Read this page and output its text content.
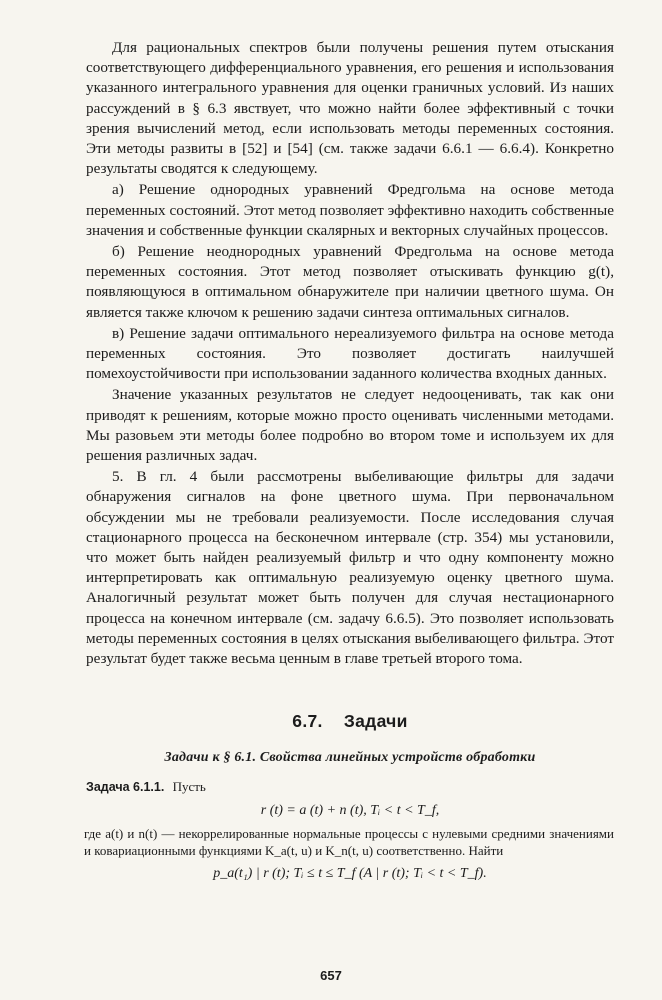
Для рациональных спектров были получены решения путем отыскания соответствующего дифференциального уравнения, его решения и использования указанного интегрального уравнения для оценки граничных условий. Из наших рассуждений в § 6.3 явствует, что можно найти более эффективный с точки зрения вычислений метод, если использовать методы переменных состояния. Эти методы развиты в [52] и [54] (см. также задачи 6.6.1 — 6.6.4). Конкретно результаты сводятся к следующему.

а) Решение однородных уравнений Фредгольма на основе метода переменных состояний. Этот метод позволяет эффективно находить собственные значения и собственные функции скалярных и векторных случайных процессов.

б) Решение неоднородных уравнений Фредгольма на основе метода переменных состояния. Этот метод позволяет отыскивать функцию g(t), появляющуюся в оптимальном обнаружителе при наличии цветного шума. Он является также ключом к решению задачи синтеза оптимальных сигналов.

в) Решение задачи оптимального нереализуемого фильтра на основе метода переменных состояния. Это позволяет достигать наилучшей помехоустойчивости при использовании заданного количества входных данных.

Значение указанных результатов не следует недооценивать, так как они приводят к решениям, которые можно просто оценивать численными методами. Мы разовьем эти методы более подробно во втором томе и используем их для решения различных задач.

5. В гл. 4 были рассмотрены выбеливающие фильтры для задачи обнаружения сигналов на фоне цветного шума. При первоначальном обсуждении мы не требовали реализуемости. После исследования случая стационарного процесса на бесконечном интервале (стр. 354) мы установили, что может быть найден реализуемый фильтр и что одну компоненту можно интерпретировать как оптимальную реализуемую оценку цветного шума. Аналогичный результат может быть получен для случая нестационарного процесса на конечном интервале (см. задачу 6.6.5). Это позволяет использовать методы переменных состояния в целях отыскания выбеливающего фильтра. Этот результат будет также весьма ценным в главе третьей второго тома.

6.7. Задачи
Задачи к § 6.1. Свойства линейных устройств обработки

Задача 6.1.1. Пусть

r (t) = a (t) + n (t), Tᵢ < t < T_f,

где a(t) и n(t) — некоррелированные нормальные процессы с нулевыми средними значениями и ковариационными функциями K_a(t, u) и K_n(t, u) соответственно. Найти

p_a(t₁) | r (t); Tᵢ ≤ t ≤ T_f (A | r (t); Tᵢ < t < T_f).
657
